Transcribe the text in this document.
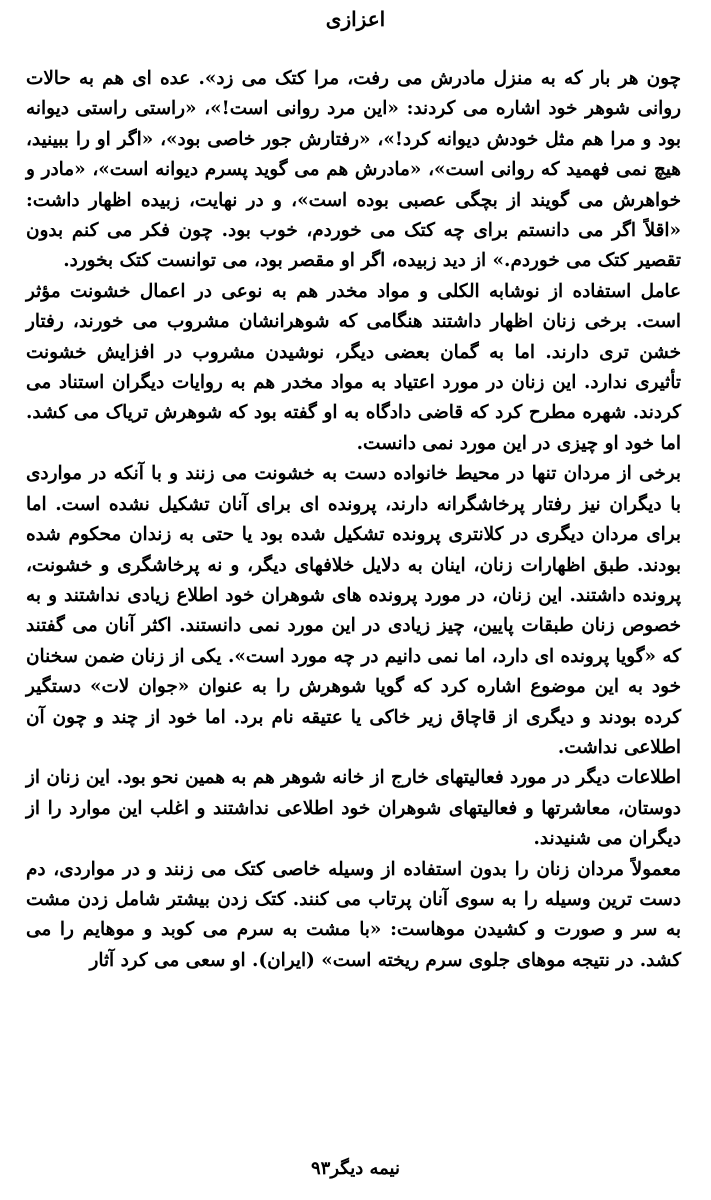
اعزازی

چون هر بار که به منزل مادرش می رفت، مرا کتک می زد». عده ای هم به حالات روانی شوهر خود اشاره می کردند: «این مرد روانی است!»، «راستی راستی دیوانه بود و مرا هم مثل خودش دیوانه کرد!»، «رفتارش جور خاصی بود»، «اگر او را ببینید، هیچ نمی فهمید که روانی است»، «مادرش هم می گوید پسرم دیوانه است»، «مادر و خواهرش می گویند از بچگی عصبی بوده است»، و در نهایت، زبیده اظهار داشت: «اقلاً اگر می دانستم برای چه کتک می خوردم، خوب بود. چون فکر می کنم بدون تقصیر کتک می خوردم.» از دید زبیده، اگر او مقصر بود، می توانست کتک بخورد.

عامل استفاده از نوشابه الکلی و مواد مخدر هم به نوعی در اعمال خشونت مؤثر است. برخی زنان اظهار داشتند هنگامی که شوهرانشان مشروب می خورند، رفتار خشن تری دارند. اما به گمان بعضی دیگر، نوشیدن مشروب در افزایش خشونت تأثیری ندارد. این زنان در مورد اعتیاد به مواد مخدر هم به روایات دیگران استناد می کردند. شهره مطرح کرد که قاضی دادگاه به او گفته بود که شوهرش تریاک می کشد. اما خود او چیزی در این مورد نمی دانست.

برخی از مردان تنها در محیط خانواده دست به خشونت می زنند و با آنکه در مواردی با دیگران نیز رفتار پرخاشگرانه دارند، پرونده ای برای آنان تشکیل نشده است. اما برای مردان دیگری در کلانتری پرونده تشکیل شده بود یا حتی به زندان محکوم شده بودند. طبق اظهارات زنان، اینان به دلایل خلافهای دیگر، و نه پرخاشگری و خشونت، پرونده داشتند. این زنان، در مورد پرونده های شوهران خود اطلاع زیادی نداشتند و به خصوص زنان طبقات پایین، چیز زیادی در این مورد نمی دانستند. اکثر آنان می گفتند که «گویا پرونده ای دارد، اما نمی دانیم در چه مورد است». یکی از زنان ضمن سخنان خود به این موضوع اشاره کرد که گویا شوهرش را به عنوان «جوان لات» دستگیر کرده بودند و دیگری از قاچاق زیر خاکی یا عتیقه نام برد. اما خود از چند و چون آن اطلاعی نداشت.

اطلاعات دیگر در مورد فعالیتهای خارج از خانه شوهر هم به همین نحو بود. این زنان از دوستان، معاشرتها و فعالیتهای شوهران خود اطلاعی نداشتند و اغلب این موارد را از دیگران می شنیدند.

معمولاً مردان زنان را بدون استفاده از وسیله خاصی کتک می زنند و در مواردی، دم دست ترین وسیله را به سوی آنان پرتاب می کنند. کتک زدن بیشتر شامل زدن مشت به سر و صورت و کشیدن موهاست: «با مشت به سرم می کوبد و موهایم را می کشد. در نتیجه موهای جلوی سرم ریخته است» (ایران). او سعی می کرد آثار

نیمه دیگر۹۳
